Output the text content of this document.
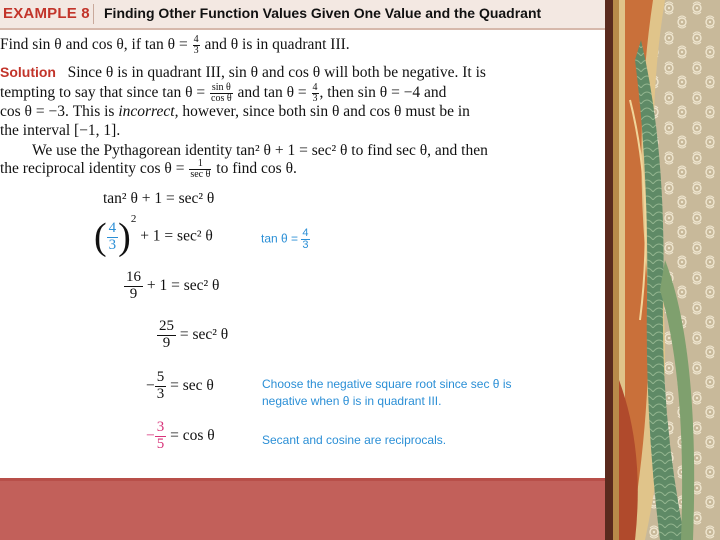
EXAMPLE 8 Finding Other Function Values Given One Value and the Quadrant
Find sin θ and cos θ, if $\tan \theta = \frac{4}{3}$ and θ is in quadrant III.
Solution Since θ is in quadrant III, sin θ and cos θ will both be negative. It is
tempting to say that since $\tan \theta = \frac{\text{sin θ}}{\text{cos θ}}$ and $\tan \theta = \frac{4}{3}$ , then sin θ = −4 and
cos θ = −3. This is incorrect, however, since both sin θ and cos θ must be in
the interval [−1, 1].
We use the Pythagorean identity tan² θ + 1 = sec² θ to find sec θ, and then
the reciprocal identity $\cos \theta = \frac{1}{\text{sec θ}}$ to find cos θ.
tan² θ + 1 = sec² θ
( $\frac{4}{3} )^2 + 1 = \sec^2$ θ	$\tan \theta = \frac{4}{3}$
$\frac{16}{9} + 1 = \sec^2$ θ
$\frac{25}{9} = \sec^2$ θ
− $\frac{5}{3} = \sec \theta$	Choose the negative square root since sec θ is
negative when θ is in quadrant III.
− $\frac{3}{5} = \cos \theta$	Secant and cosine are reciprocals.
